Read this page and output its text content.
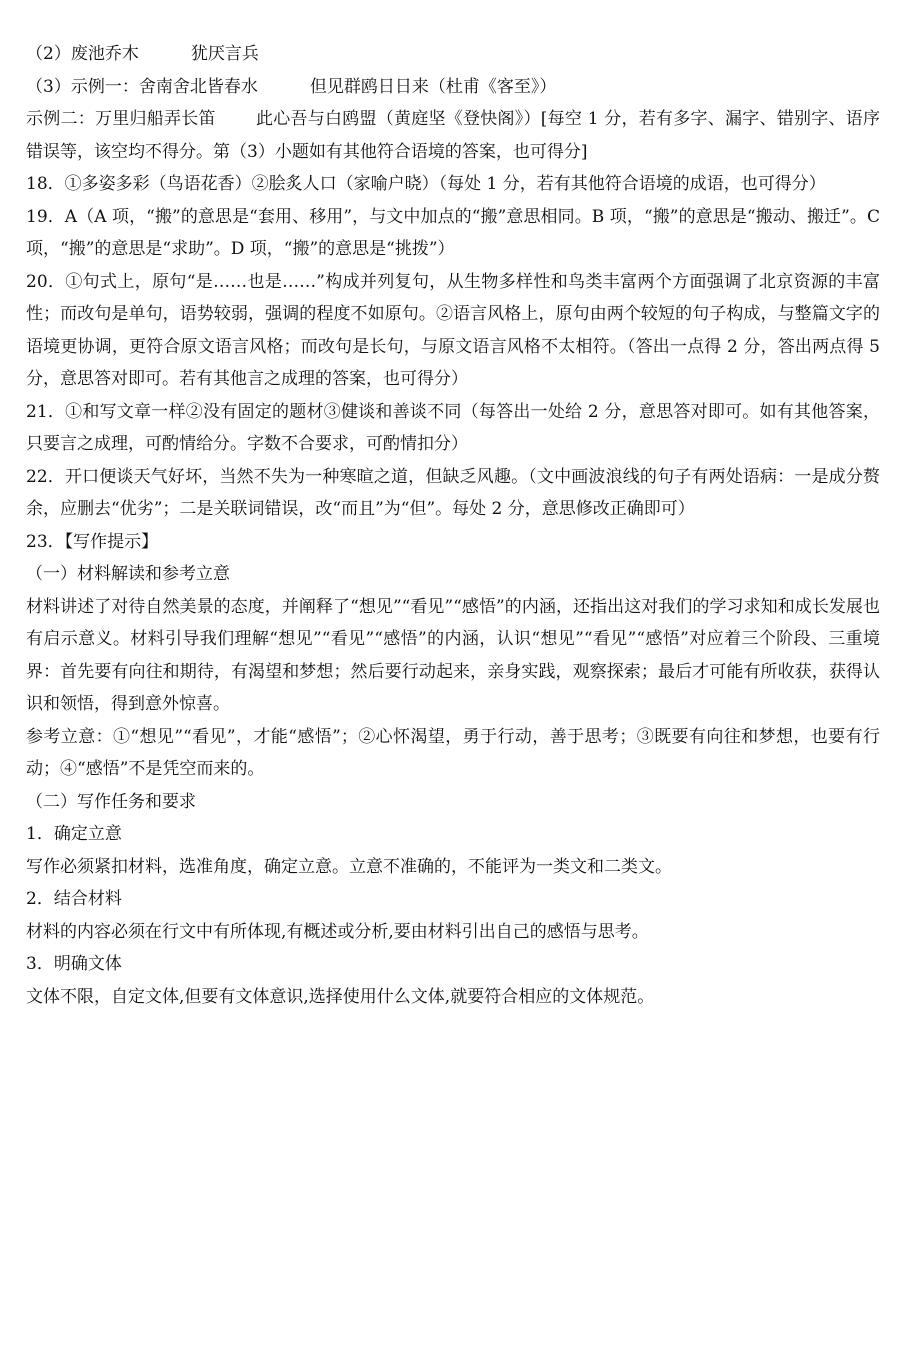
（2）废池乔木	犹厌言兵
（3）示例一：舍南舍北皆春水	但见群鸥日日来（杜甫《客至》）
示例二：万里归船弄长笛 此心吾与白鸥盟（黄庭坚《登快阁》）[每空 1 分，若有多字、漏字、错别字、语序错误等，该空均不得分。第（3）小题如有其他符合语境的答案，也可得分]
18．①多姿多彩（鸟语花香）②脍炙人口（家喻户晓）（每处 1 分，若有其他符合语境的成语，也可得分）
19．A（A 项，“搬”的意思是“套用、移用”，与文中加点的“搬”意思相同。B 项，“搬”的意思是“搬动、搬迁”。C 项，“搬”的意思是“求助”。D 项，“搬”的意思是“挑拨”）
20．①句式上，原句“是……也是……”构成并列复句，从生物多样性和鸟类丰富两个方面强调了北京资源的丰富性；而改句是单句，语势较弱，强调的程度不如原句。②语言风格上，原句由两个较短的句子构成，与整篇文字的语境更协调，更符合原文语言风格；而改句是长句，与原文语言风格不太相符。（答出一点得 2 分，答出两点得 5 分，意思答对即可。若有其他言之成理的答案，也可得分）
21．①和写文章一样②没有固定的题材③健谈和善谈不同（每答出一处给 2 分，意思答对即可。如有其他答案，只要言之成理，可酌情给分。字数不合要求，可酌情扣分）
22．开口便谈天气好坏，当然不失为一种寒暄之道，但缺乏风趣。（文中画波浪线的句子有两处语病：一是成分赘余，应删去“优劣”；二是关联词错误，改“而且”为“但”。每处 2 分，意思修改正确即可）
23．【写作提示】
（一）材料解读和参考立意
材料讲述了对待自然美景的态度，并阐释了“想见”“看见”“感悟”的内涵，还指出这对我们的学习求知和成长发展也有启示意义。材料引导我们理解“想见”“看见”“感悟”的内涵，认识“想见”“看见”“感悟”对应着三个阶段、三重境界：首先要有向往和期待，有渴望和梦想；然后要行动起来，亲身实践，观察探索；最后才可能有所收获，获得认识和领悟，得到意外惊喜。
参考立意：①“想见”“看见”，才能“感悟”；②心怀渴望，勇于行动，善于思考；③既要有向往和梦想，也要有行动；④“感悟”不是凭空而来的。
（二）写作任务和要求
1．确定立意
写作必须紧扣材料，选准角度，确定立意。立意不准确的，不能评为一类文和二类文。
2．结合材料
材料的内容必须在行文中有所体现,有概述或分析,要由材料引出自己的感悟与思考。
3．明确文体
文体不限，自定文体,但要有文体意识,选择使用什么文体,就要符合相应的文体规范。
